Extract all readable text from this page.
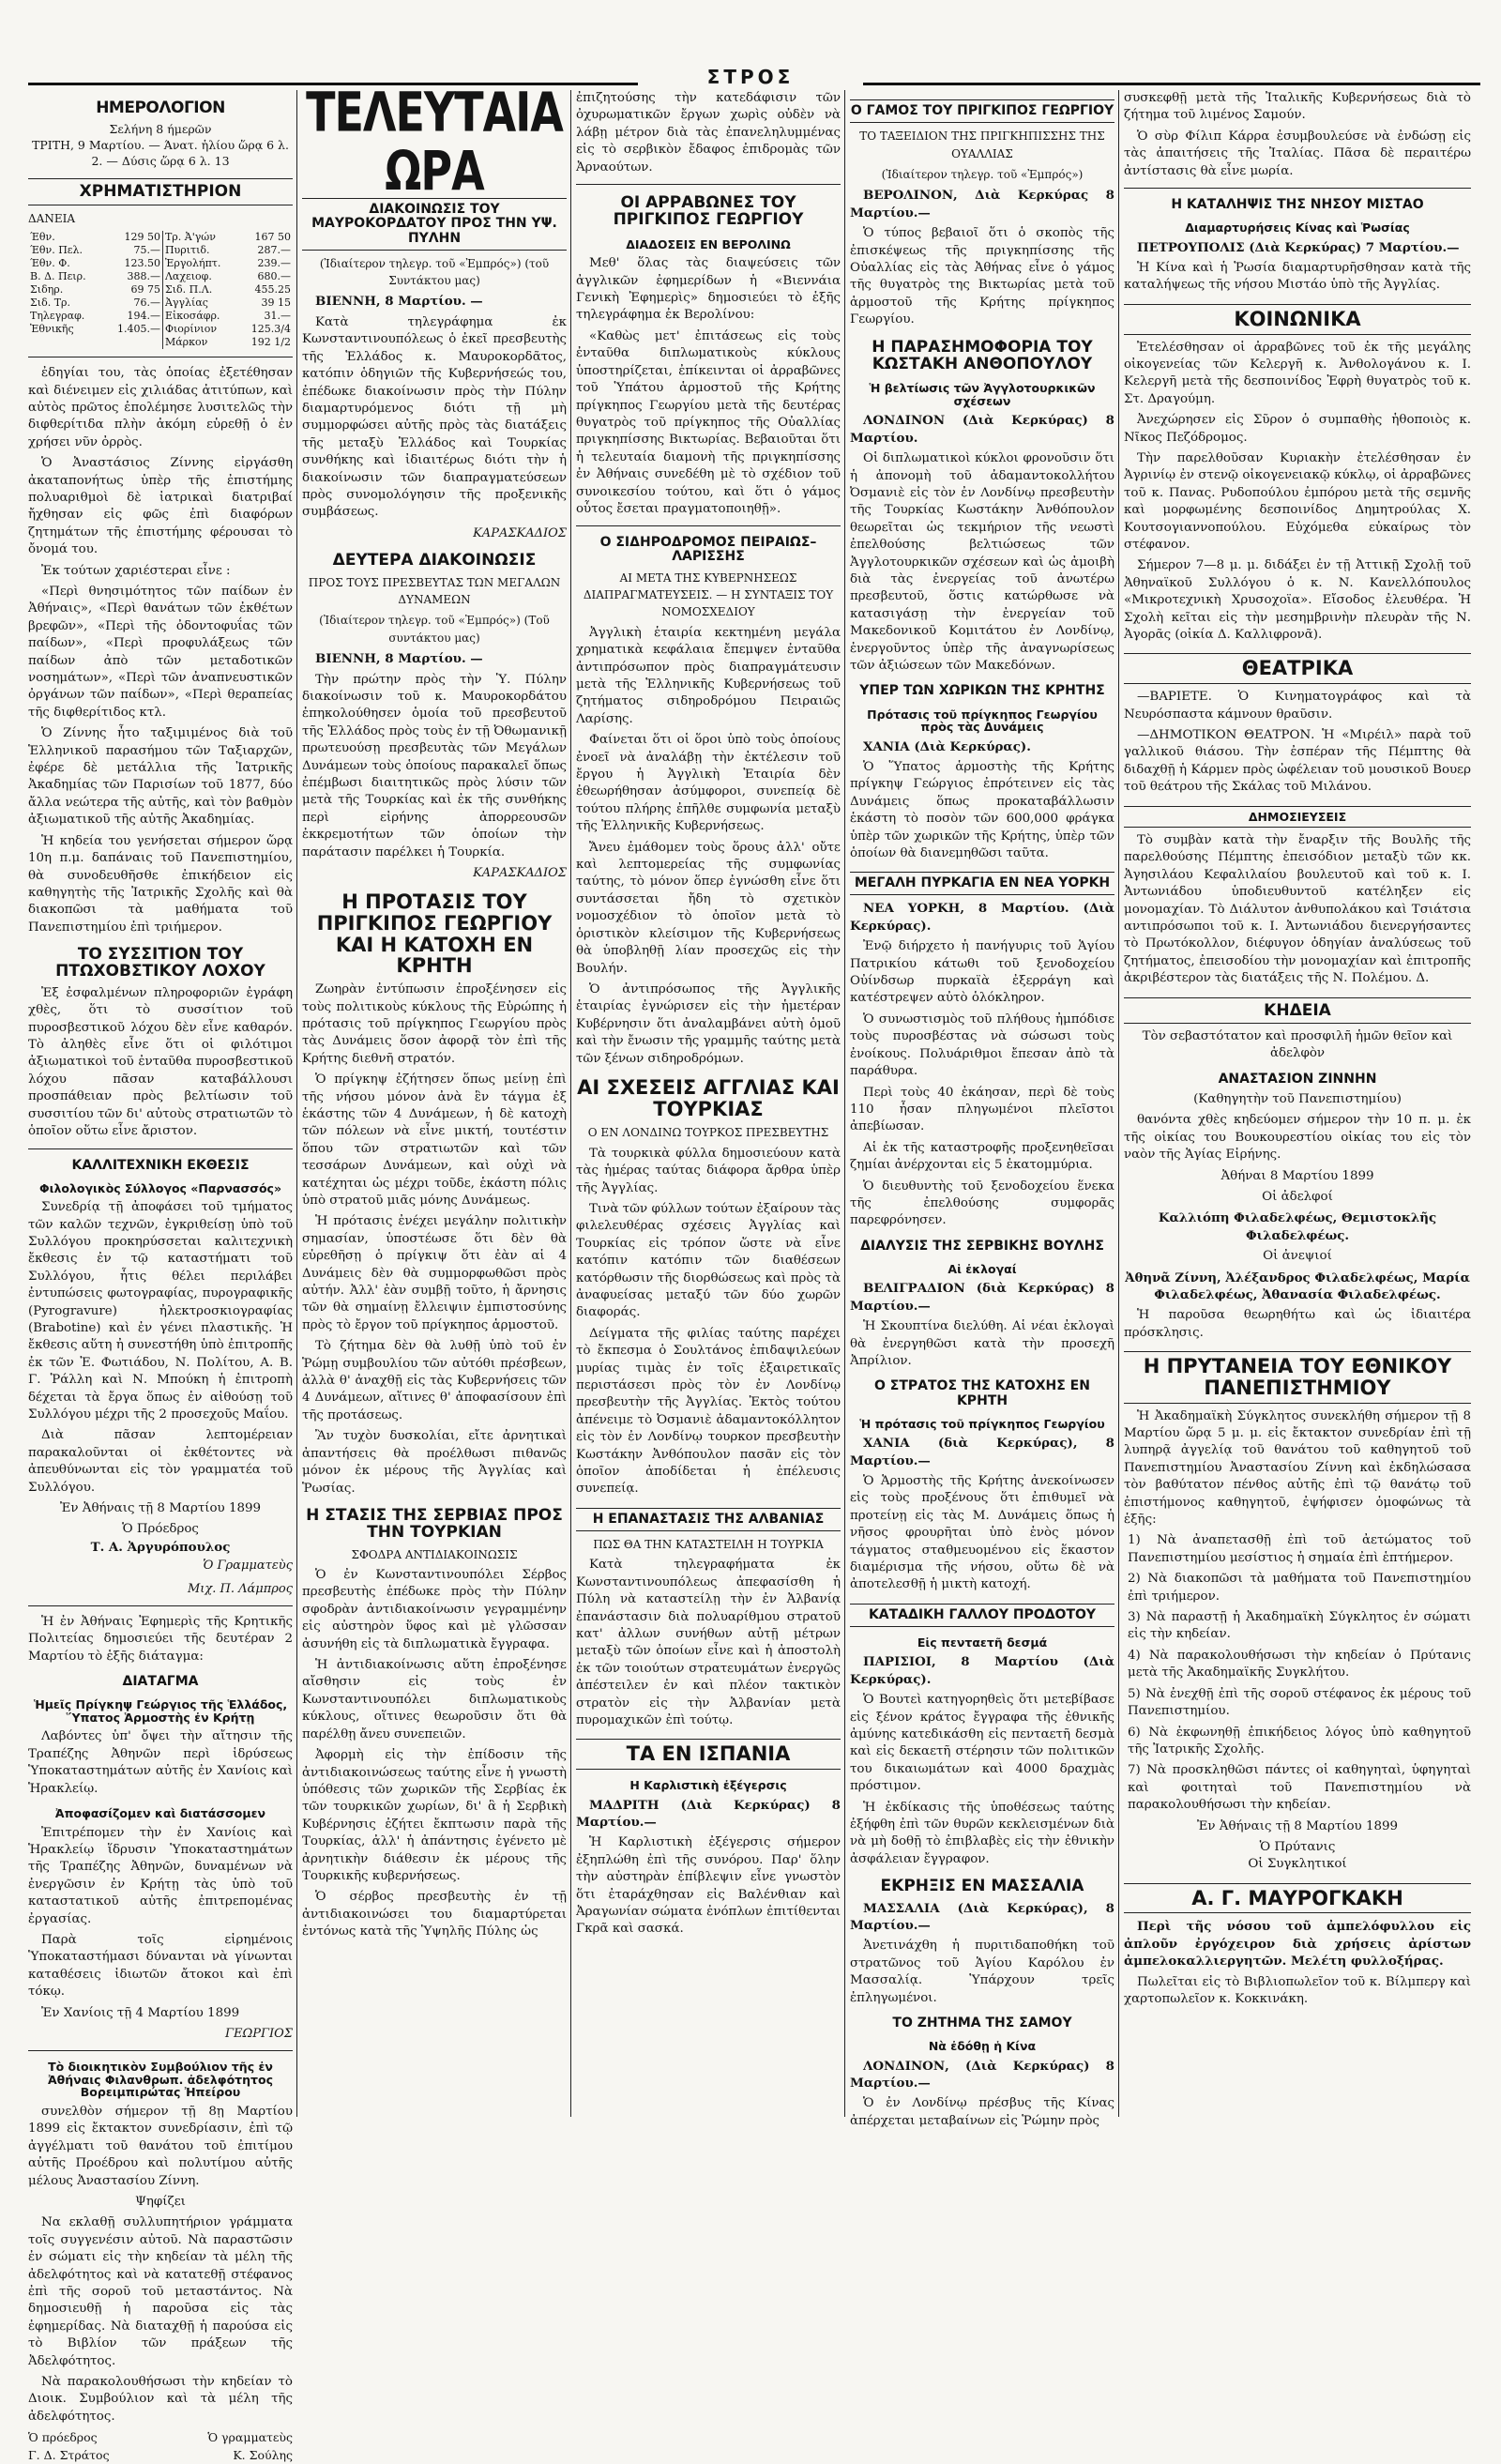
ΣΤΡΟΣ
ΗΜΕΡΟΛΟΓΙΟΝ
Σελήνη 8 ήμερῶν
ΤΡΙΤΗ, 9 Μαρτίου. — Άνατ. ἡλίου ὥρᾳ 6 λ. 2. — Δύσις ὥρᾳ 6 λ. 13
ΧΡΗΜΑΤΙΣΤΗΡΙΟΝ
ΔΑΝΕΙΑ
Έθν.	129 50	Τρ. Ἀ'γών	167 50
Έθν. Πελ.	75.—	Πυριτιδ.	287.—
Έθν. Φ.	123.50	Ἐργολήπτ.	239.—
Β. Δ. Πειρ.	388.—	Λαχειοφ.	680.—
Σιδηρ.	69 75	Σιδ. Π.Λ.	455.25
Σιδ. Τρ.	76.—	Ἀγγλίας	39 15
Τηλεγραφ.	194.—	Εἰκοσάφρ.	31.—
Ἐθνικῆς	1.405.—	Φιορίνιον	125.3/4
		Μάρκον	192 1/2

ἐδηγίαι του, τὰς ὁποίας ἐξετέθησαν καὶ διένειμεν εἰς χιλιάδας ἀτιτύπων, καὶ αὐτὸς πρῶτος ἐπολέμησε λυσιτελῶς τὴν διφθερίτιδα πλὴν ἀκόμη εὑρεθῇ ὁ ἐν χρήσει νῦν ὀρρὸς.

Ὁ Ἀναστάσιος Ζίννης εἰργάσθη ἀκαταπονήτως ὑπὲρ τῆς ἐπιστήμης πολυαριθμοὶ δὲ ἰατρικαὶ διατριβαί ἤχθησαν εἰς φῶς ἐπὶ διαφόρων ζητημάτων τῆς ἐπιστήμης φέρουσαι τὸ ὄνομά του.

Ἐκ τούτων χαριέστεραι εἶνε :

«Περὶ θνησιμότητος τῶν παίδων ἐν Ἀθήναις», «Περὶ θανάτων τῶν ἐκθέτων βρεφῶν», «Περὶ τῆς ὀδοντοφυΐας τῶν παίδων», «Περὶ προφυλάξεως τῶν παίδων ἀπὸ τῶν μεταδοτικῶν νοσημάτων», «Περὶ τῶν ἀναπνευστικῶν ὀργάνων τῶν παίδων», «Περὶ θεραπείας τῆς διφθερίτιδος κτλ.

Ὁ Ζίννης ἦτο ταξιμιμένος διὰ τοῦ Ἑλληνικοῦ παρασήμου τῶν Ταξιαρχῶν, ἐφέρε δὲ μετάλλια τῆς Ἰατρικῆς Ἀκαδημίας τῶν Παρισίων τοῦ 1877, δύο ἄλλα νεώτερα τῆς αὐτῆς, καὶ τὸν βαθμὸν ἀξιωματικοῦ τῆς αὐτῆς Ἀκαδημίας.

Ἡ κηδεία του γενήσεται σήμερον ὥρᾳ 10η π.μ. δαπάναις τοῦ Πανεπιστημίου, θὰ συνοδευθῆσθε ἐπικήδειον εἰς καθηγητὴς τῆς Ἰατρικῆς Σχολῆς καὶ θὰ διακοπῶσι τὰ μαθήματα τοῦ Πανεπιστημίου ἐπὶ τριήμερον.

ΤΟ ΣΥΣΣΙΤΙΟΝ ΤΟΥ ΠΤΩΧΟΒΣΤΙΚΟΥ ΛΟΧΟΥ

Ἐξ ἐσφαλμένων πληροφοριῶν ἐγράφη χθὲς, ὅτι τὸ συσσίτιον τοῦ πυροσβεστικοῦ λόχου δὲν εἶνε καθαρόν. Τὸ ἀληθὲς εἶνε ὅτι οἱ φιλότιμοι ἀξιωματικοὶ τοῦ ἐνταῦθα πυροσβεστικοῦ λόχου πᾶσαν καταβάλλουσι προσπάθειαν πρὸς βελτίωσιν τοῦ συσσιτίου τῶν δι' αὐτοὺς στρατιωτῶν τὸ ὁποῖον οὕτω εἶνε ἄριστον.

ΚΑΛΛΙΤΕΧΝΙΚΗ ΕΚΘΕΣΙΣ
Φιλολογικὸς Σύλλογος «Παρνασσός»

Συνεδρίᾳ τῇ ἀποφάσει τοῦ τμήματος τῶν καλῶν τεχνῶν, ἐγκριθείσῃ ὑπὸ τοῦ Συλλόγου προκηρύσσεται καλιτεχνικὴ ἔκθεσις ἐν τῷ καταστήματι τοῦ Συλλόγου, ἧτις θέλει περιλάβει ἐντυπώσεις φωτογραφίας, πυρογραφικῆς (Pyrogravure) ἠλεκτροσκιογραφίας (Brabotine) καὶ ἐν γένει πλαστικῆς. Ἡ ἔκθεσις αὕτη ἠ συνεστήθη ὑπὸ ἐπιτροπῆς ἐκ τῶν Ἐ. Φωτιάδου, Ν. Πολίτου, Α. Β. Γ. Ῥάλλη καὶ Ν. Μπούκη ἡ ἐπιτροπὴ δέχεται τὰ ἔργα ὅπως ἐν αἰθούσῃ τοῦ Συλλόγου μέχρι τῆς 2 προσεχοῦς Μαΐου.

Διὰ πᾶσαν λεπτομέρειαν παρακαλοῦνται οἱ ἐκθέτοντες νὰ ἀπευθύνωνται εἰς τὸν γραμματέα τοῦ Συλλόγου.

Ἐν Ἀθήναις τῇ 8 Μαρτίου 1899

Ὁ Πρόεδρος
Τ. Α. Ἀργυρόπουλος
Ὁ Γραμματεὺς
Μιχ. Π. Λάμπρος

Ἡ ἐν Ἀθήναις Ἐφημερὶς τῆς Κρητικῆς Πολιτείας δημοσιεύει τῆς δευτέραν 2 Μαρτίου τὸ ἑξῆς διάταγμα:

ΔΙΑΤΑΓΜΑ
Ἡμεῖς Πρίγκηψ Γεώργιος τῆς Ἑλλάδος, Ὕπατος Ἁρμοστὴς ἐν Κρήτῃ

Λαβόντες ὑπ' ὄψει τὴν αἴτησιν τῆς Τραπέζης Ἀθηνῶν περὶ ἱδρύσεως Ὑποκαταστημάτων αὐτῆς ἐν Χανίοις καὶ Ἡρακλείῳ.

Ἀποφασίζομεν καὶ διατάσσομεν

Ἐπιτρέπομεν τὴν ἐν Χανίοις καὶ Ἡρακλείῳ ἵδρυσιν Ὑποκαταστημάτων τῆς Τραπέζης Ἀθηνῶν, δυναμένων νὰ ἐνεργῶσιν ἐν Κρήτῃ τὰς ὑπὸ τοῦ καταστατικοῦ αὐτῆς ἐπιτρεπομένας ἐργασίας.

Παρὰ τοῖς εἰρημένοις Ὑποκαταστήμασι δύνανται νὰ γίνωνται καταθέσεις ἰδιωτῶν ἄτοκοι καὶ ἐπὶ τόκῳ.

Ἐν Χανίοις τῇ 4 Μαρτίου 1899

ΓΕΩΡΓΙΟΣ
Τὸ διοικητικὸν Συμβούλιον τῆς ἐν Ἀθήναις Φιλανθρωπ. ἀδελφότητος Βορειμπιρώτας Ἠπείρου

συνελθὸν σήμερον τῇ 8ῃ Μαρτίου 1899 εἰς ἔκτακτον συνεδρίασιν, ἐπὶ τῷ ἀγγέλματι τοῦ θανάτου τοῦ ἐπιτίμου αὐτῆς Προέδρου καὶ πολυτίμου αὐτῆς μέλους Ἀναστασίου Ζίννη.

Ψηφίζει

Να εκλαθῇ συλλυπητήριον γράμματα τοῖς συγγενέσιν αὐτοῦ. Νὰ παραστῶσιν ἐν σώματι εἰς τὴν κηδείαν τὰ μέλη τῆς ἀδελφότητος καὶ νὰ κατατεθῇ στέφανος ἐπὶ τῆς σοροῦ τοῦ μεταστάντος. Νὰ δημοσιευθῇ ἡ παροῦσα εἰς τὰς ἐφημερίδας. Νὰ διαταχθῇ ἡ παρούσα εἰς τὸ Βιβλίον τῶν πράξεων τῆς Ἀδελφότητος.

Νὰ παρακολουθήσωσι τὴν κηδείαν τὸ Διοικ. Συμβούλιον καὶ τὰ μέλη τῆς ἀδελφότητος.

Ὁ πρόεδρος	Ὁ γραμματεὺς
Γ. Δ. Στράτος	Κ. Σούλης
ΤΕΛΕΥΤΑΙΑ ΩΡΑ
ΔΙΑΚΟΙΝΩΣΙΣ ΤΟΥ ΜΑΥΡΟΚΟΡΔΑΤΟΥ ΠΡΟΣ ΤΗΝ ΥΨ. ΠΥΛΗΝ
(Ἰδιαίτερον τηλεγρ. τοῦ «Ἐμπρός») (τοῦ Συντάκτου μας)

ΒΙΕΝΝΗ, 8 Μαρτίου. —

Κατὰ τηλεγράφημα ἐκ Κωνσταντινουπόλεως ὁ ἐκεῖ πρεσβευτὴς τῆς Ἑλλάδος κ. Μαυροκορδᾶτος, κατόπιν ὁδηγιῶν τῆς Κυβερνήσεώς του, ἐπέδωκε διακοίνωσιν πρὸς τὴν Πύλην διαμαρτυρόμενος διότι τῇ μὴ συμμορφώσει αὐτῆς πρὸς τὰς διατάξεις τῆς μεταξὺ Ἑλλάδος καὶ Τουρκίας συνθήκης καὶ ἰδιαιτέρως διότι τὴν ἡ διακοίνωσιν τῶν διαπραγματεύσεων πρὸς συνομολόγησιν τῆς προξενικῆς συμβάσεως.

ΚΑΡΑΣΚΑΔΙΟΣ
ΔΕΥΤΕΡΑ ΔΙΑΚΟΙΝΩΣΙΣ
ΠΡΟΣ ΤΟΥΣ ΠΡΕΣΒΕΥΤΑΣ ΤΩΝ ΜΕΓΑΛΩΝ ΔΥΝΑΜΕΩΝ
(Ἰδιαίτερον τηλεγρ. τοῦ «Ἐμπρός») (Τοῦ συντάκτου μας)

ΒΙΕΝΝΗ, 8 Μαρτίου. —

Τὴν πρώτην πρὸς τὴν Ὑ. Πύλην διακοίνωσιν τοῦ κ. Μαυροκορδάτου ἐπηκολούθησεν ὁμοία τοῦ πρεσβευτοῦ τῆς Ἑλλάδος πρὸς τοὺς ἐν τῇ Ὀθωμανικῇ πρωτευούσῃ πρεσβευτὰς τῶν Μεγάλων Δυνάμεων τοὺς ὁποίους παρακαλεῖ ὅπως ἐπέμβωσι διαιτητικῶς πρὸς λύσιν τῶν μετὰ τῆς Τουρκίας καὶ ἐκ τῆς συνθήκης περὶ εἰρήνης ἀπορρεουσῶν ἐκκρεμοτήτων τῶν ὁποίων τὴν παράτασιν παρέλκει ἡ Τουρκία.

ΚΑΡΑΣΚΑΔΙΟΣ
Η ΠΡΟΤΑΣΙΣ ΤΟΥ ΠΡΙΓΚΙΠΟΣ ΓΕΩΡΓΙΟΥ ΚΑΙ Η ΚΑΤΟΧΗ ΕΝ ΚΡΗΤΗ

Ζωηρὰν ἐντύπωσιν ἐπροξένησεν εἰς τοὺς πολιτικοὺς κύκλους τῆς Εὐρώπης ἡ πρότασις τοῦ πρίγκηπος Γεωργίου πρὸς τὰς Δυνάμεις ὅσον ἀφορᾷ τὸν ἐπὶ τῆς Κρήτης διεθνῆ στρατόν.

Ὁ πρίγκηψ ἐζήτησεν ὅπως μείνῃ ἐπὶ τῆς νήσου μόνον ἀνὰ ἓν τάγμα ἐξ ἑκάστης τῶν 4 Δυνάμεων, ἡ δὲ κατοχὴ τῶν πόλεων νὰ εἶνε μικτή, τουτέστιν ὅπου τῶν στρατιωτῶν καὶ τῶν τεσσάρων Δυνάμεων, καὶ οὐχὶ νὰ κατέχηται ὡς μέχρι τοῦδε, ἑκάστη πόλις ὑπὸ στρατοῦ μιᾶς μόνης Δυνάμεως.

Ἡ πρότασις ἐνέχει μεγάλην πολιτικὴν σημασίαν, ὑποστέωσε ὅτι δὲν θὰ εὑρεθῆσῃ ὁ πρίγκιψ ὅτι ἐὰν αἱ 4 Δυνάμεις δὲν θὰ συμμορφωθῶσι πρὸς αὐτήν. Ἀλλ' ἐὰν συμβῇ τοῦτο, ἡ ἄρνησις τῶν θὰ σημαίνῃ ἔλλειψιν ἐμπιστοσύνης πρὸς τὸ ἔργον τοῦ πρίγκηπος ἁρμοστοῦ.

Τὸ ζήτημα δὲν θὰ λυθῇ ὑπὸ τοῦ ἐν Ῥώμῃ συμβουλίου τῶν αὐτόθι πρέσβεων, ἀλλὰ θ' ἀναχθῇ εἰς τὰς Κυβερνήσεις τῶν 4 Δυνάμεων, αἵτινες θ' ἀποφασίσουν ἐπὶ τῆς προτάσεως.

Ἂν τυχὸν δυσκολίαι, εἴτε ἀρνητικαὶ ἀπαντήσεις θὰ προέλθωσι πιθανῶς μόνον ἐκ μέρους τῆς Ἀγγλίας καὶ Ῥωσίας.

Η ΣΤΑΣΙΣ ΤΗΣ ΣΕΡΒΙΑΣ ΠΡΟΣ ΤΗΝ ΤΟΥΡΚΙΑΝ
ΣΦΟΔΡΑ ΑΝΤΙΔΙΑΚΟΙΝΩΣΙΣ

Ὁ ἐν Κωνσταντινουπόλει Σέρβος πρεσβευτὴς ἐπέδωκε πρὸς τὴν Πύλην σφοδρὰν ἀντιδιακοίνωσιν γεγραμμένην εἰς αὐστηρὸν ὕφος καὶ μὲ γλῶσσαν ἀσυνήθη εἰς τὰ διπλωματικὰ ἔγγραφα.

Ἡ ἀντιδιακοίνωσις αὕτη ἐπροξένησε αἴσθησιν εἰς τοὺς ἐν Κωνσταντινουπόλει διπλωματικοὺς κύκλους, οἵτινες θεωροῦσιν ὅτι θὰ παρέλθῃ ἄνευ συνεπειῶν.

Ἀφορμὴ εἰς τὴν ἐπίδοσιν τῆς ἀντιδιακοινώσεως ταύτης εἶνε ἡ γνωστὴ ὑπόθεσις τῶν χωρικῶν τῆς Σερβίας ἐκ τῶν τουρκικῶν χωρίων, δι' ἃ ἡ Σερβικὴ Κυβέρνησις ἐζήτει ἔκπτωσιν παρὰ τῆς Τουρκίας, ἀλλ' ἡ ἀπάντησις ἐγένετο μὲ ἀρνητικὴν διάθεσιν ἐκ μέρους τῆς Τουρκικῆς κυβερνήσεως.

Ὁ σέρβος πρεσβευτὴς ἐν τῇ ἀντιδιακοινώσει του διαμαρτύρεται ἐντόνως κατὰ τῆς Ὑψηλῆς Πύλης ὡς

ἐπιζητούσης τὴν κατεδάφισιν τῶν ὀχυρωματικῶν ἔργων χωρὶς οὐδὲν νὰ λάβῃ μέτρον διὰ τὰς ἐπανεληλυμμένας εἰς τὸ σερβικὸν ἔδαφος ἐπιδρομὰς τῶν Ἀρναούτων.

ΟΙ ΑΡΡΑΒΩΝΕΣ ΤΟΥ ΠΡΙΓΚΙΠΟΣ ΓΕΩΡΓΙΟΥ
ΔΙΑΔΟΣΕΙΣ ΕΝ ΒΕΡΟΛΙΝΩ

Μεθ' ὅλας τὰς διαψεύσεις τῶν ἀγγλικῶν ἐφημερίδων ἡ «Βιεννάια Γενικὴ Ἐφημερὶς» δημοσιεύει τὸ ἑξῆς τηλεγράφημα ἐκ Βερολίνου:

«Καθὼς μετ' ἐπιτάσεως εἰς τοὺς ἐνταῦθα διπλωματικοὺς κύκλους ὑποστηρίζεται, ἐπίκεινται οἱ ἀρραβῶνες τοῦ Ὑπάτου ἁρμοστοῦ τῆς Κρήτης πρίγκηπος Γεωργίου μετὰ τῆς δευτέρας θυγατρὸς τοῦ πρίγκηπος τῆς Οὐαλλίας πριγκηπίσσης Βικτωρίας. Βεβαιοῦται ὅτι ἡ τελευταία διαμονὴ τῆς πριγκηπίσσης ἐν Ἀθήναις συνεδέθη μὲ τὸ σχέδιον τοῦ συνοικεσίου τούτου, καὶ ὅτι ὁ γάμος οὗτος ἔσεται πραγματοποιηθῇ».

Ο ΣΙΔΗΡΟΔΡΟΜΟΣ ΠΕΙΡΑΙΩΣ–ΛΑΡΙΣΣΗΣ
ΑΙ ΜΕΤΑ ΤΗΣ ΚΥΒΕΡΝΗΣΕΩΣ ΔΙΑΠΡΑΓΜΑΤΕΥΣΕΙΣ. — Η ΣΥΝΤΑΞΙΣ ΤΟΥ ΝΟΜΟΣΧΕΔΙΟΥ

Ἀγγλικὴ ἑταιρία κεκτημένη μεγάλα χρηματικὰ κεφάλαια ἔπεμψεν ἐνταῦθα ἀντιπρόσωπον πρὸς διαπραγμάτευσιν μετὰ τῆς Ἑλληνικῆς Κυβερνήσεως τοῦ ζητήματος σιδηροδρόμου Πειραιῶς Λαρίσης.

Φαίνεται ὅτι οἱ ὅροι ὑπὸ τοὺς ὁποίους ἐνοεῖ νὰ ἀναλάβῃ τὴν ἐκτέλεσιν τοῦ ἔργου ἡ Ἀγγλικὴ Ἑταιρία δὲν ἐθεωρήθησαν ἀσύμφοροι, συνεπείᾳ δὲ τούτου πλήρης ἐπῆλθε συμφωνία μεταξὺ τῆς Ἑλληνικῆς Κυβερνήσεως.

Ἄνευ ἐμάθομεν τοὺς ὅρους ἀλλ' οὔτε καὶ λεπτομερείας τῆς συμφωνίας ταύτης, τὸ μόνον ὅπερ ἐγνώσθη εἶνε ὅτι συντάσσεται ἤδη τὸ σχετικὸν νομοσχέδιον τὸ ὁποῖον μετὰ τὸ ὁριστικὸν κλείσιμον τῆς Κυβερνήσεως θὰ ὑποβληθῇ λίαν προσεχῶς εἰς τὴν Βουλήν.

Ὁ ἀντιπρόσωπος τῆς Ἀγγλικῆς ἑταιρίας ἐγνώρισεν εἰς τὴν ἡμετέραν Κυβέρνησιν ὅτι ἀναλαμβάνει αὐτὴ ὁμοῦ καὶ τὴν ἔνωσιν τῆς γραμμῆς ταύτης μετὰ τῶν ξένων σιδηροδρόμων.

ΑΙ ΣΧΕΣΕΙΣ ΑΓΓΛΙΑΣ ΚΑΙ ΤΟΥΡΚΙΑΣ
Ο ΕΝ ΛΟΝΔΙΝΩ ΤΟΥΡΚΟΣ ΠΡΕΣΒΕΥΤΗΣ

Τὰ τουρκικὰ φύλλα δημοσιεύουν κατὰ τὰς ἡμέρας ταύτας διάφορα ἄρθρα ὑπὲρ τῆς Ἀγγλίας.

Τινὰ τῶν φύλλων τούτων ἐξαίρουν τὰς φιλελευθέρας σχέσεις Ἀγγλίας καὶ Τουρκίας εἰς τρόπον ὥστε νὰ εἶνε κατόπιν κατόπιν τῶν διαθέσεων κατόρθωσιν τῆς διορθώσεως καὶ πρὸς τὰ ἀναφυείσας μεταξύ τῶν δύο χωρῶν διαφοράς.

Δείγματα τῆς φιλίας ταύτης παρέχει τὸ ἔκπεσμα ὁ Σουλτάνος ἐπιδαψιλεύων μυρίας τιμὰς ἐν τοῖς ἐξαιρετικαῖς περιστάσεσι πρὸς τὸν ἐν Λονδίνῳ πρεσβευτὴν τῆς Ἀγγλίας. Ἐκτὸς τούτου ἀπένειμε τὸ Ὀσμανιὲ ἀδαμαντοκόλλητον εἰς τὸν ἐν Λονδίνῳ τουρκον πρεσβευτὴν Κωστάκην Ἀνθόπουλον πασᾶν εἰς τὸν ὁποῖον ἀποδίδεται ἡ ἐπέλευσις συνεπείᾳ.

Η ΕΠΑΝΑΣΤΑΣΙΣ ΤΗΣ ΑΛΒΑΝΙΑΣ
ΠΩΣ ΘΑ ΤΗΝ ΚΑΤΑΣΤΕΙΛΗ Η ΤΟΥΡΚΙΑ

Κατὰ τηλεγραφήματα ἐκ Κωνσταντινουπόλεως ἀπεφασίσθη ἡ Πύλη νὰ καταστείλῃ τὴν ἐν Ἀλβανίᾳ ἐπανάστασιν διὰ πολυαρίθμου στρατοῦ κατ' ἀλλων συνήθων αὐτῇ μέτρων μεταξὺ τῶν ὁποίων εἶνε καὶ ἡ ἀποστολὴ ἐκ τῶν τοιούτων στρατευμάτων ἐνεργῶς ἀπέστειλεν ἐν καὶ πλέον τακτικὸν στρατὸν εἰς τὴν Ἀλβανίαν μετὰ πυρομαχικῶν ἐπὶ τούτῳ.

ΤΑ ΕΝ ΙΣΠΑΝΙΑ
Η Καρλιστικὴ ἐξέγερσις

ΜΑΔΡΙΤΗ (Διὰ Κερκύρας) 8 Μαρτίου.—

Ἡ Καρλιστικὴ ἐξέγερσις σήμερον ἐξηπλώθη ἐπὶ τῆς συνόρου. Παρ' ὅλην τὴν αὐστηρὰν ἐπίβλεψιν εἶνε γνωστὸν ὅτι ἐταράχθησαν εἰς Βαλένθιαν καὶ Ἀραγωνίαν σώματα ἐνόπλων ἐπιτίθενται Γκρᾶ καὶ σασκά.

Ο ΓΑΜΟΣ ΤΟΥ ΠΡΙΓΚΙΠΟΣ ΓΕΩΡΓΙΟΥ
ΤΟ ΤΑΞΕΙΔΙΟΝ ΤΗΣ ΠΡΙΓΚΗΠΙΣΣΗΣ ΤΗΣ ΟΥΑΛΛΙΑΣ
(Ἰδιαίτερον τηλεγρ. τοῦ «Ἐμπρός»)

ΒΕΡΟΛΙΝΟΝ, Διὰ Κερκύρας 8 Μαρτίου.—

Ὁ τύπος βεβαιοῖ ὅτι ὁ σκοπὸς τῆς ἐπισκέψεως τῆς πριγκηπίσσης τῆς Οὐαλλίας εἰς τὰς Ἀθήνας εἶνε ὁ γάμος τῆς θυγατρὸς της Βικτωρίας μετὰ τοῦ ἁρμοστοῦ τῆς Κρήτης πρίγκηπος Γεωργίου.

Η ΠΑΡΑΣΗΜΟΦΟΡΙΑ ΤΟΥ ΚΩΣΤΑΚΗ ΑΝΘΟΠΟΥΛΟΥ
Ἡ βελτίωσις τῶν Ἀγγλοτουρκικῶν σχέσεων

ΛΟΝΔΙΝΟΝ (Διὰ Κερκύρας) 8 Μαρτίου.

Οἱ διπλωματικοὶ κύκλοι φρονοῦσιν ὅτι ἡ ἀπονομὴ τοῦ ἀδαμαντοκολλήτου Ὀσμανιὲ εἰς τὸν ἐν Λονδίνῳ πρεσβευτὴν τῆς Τουρκίας Κωστάκην Ἀνθόπουλον θεωρεῖται ὡς τεκμήριον τῆς νεωστὶ ἐπελθούσης βελτιώσεως τῶν Ἀγγλοτουρκικῶν σχέσεων καὶ ὡς ἀμοιβὴ διὰ τὰς ἐνεργείας τοῦ ἀνωτέρω πρεσβευτοῦ, ὅστις κατώρθωσε νὰ κατασιγάσῃ τὴν ἐνεργείαν τοῦ Μακεδονικοῦ Κομιτάτου ἐν Λονδίνῳ, ἐνεργοῦντος ὑπὲρ τῆς ἀναγνωρίσεως τῶν ἀξιώσεων τῶν Μακεδόνων.

ΥΠΕΡ ΤΩΝ ΧΩΡΙΚΩΝ ΤΗΣ ΚΡΗΤΗΣ
Πρότασις τοῦ πρίγκηπος Γεωργίου πρὸς τὰς Δυνάμεις

ΧΑΝΙΑ (Διὰ Κερκύρας).

Ὁ Ὕπατος ἁρμοστὴς τῆς Κρήτης πρίγκηψ Γεώργιος ἐπρότεινεν εἰς τὰς Δυνάμεις ὅπως προκαταβάλλωσιν ἑκάστη τὸ ποσὸν τῶν 600,000 φράγκα ὑπὲρ τῶν χωρικῶν τῆς Κρήτης, ὑπὲρ τῶν ὁποίων θὰ διανεμηθῶσι ταῦτα.

ΜΕΓΑΛΗ ΠΥΡΚΑΓΙΑ ΕΝ ΝΕΑ ΥΟΡΚΗ

ΝΕΑ ΥΟΡΚΗ, 8 Μαρτίου. (Διὰ Κερκύρας).

Ἐνῷ διήρχετο ἡ πανήγυρις τοῦ Ἁγίου Πατρικίου κάτωθι τοῦ ξενοδοχείου Οὐίνδσωρ πυρκαϊὰ ἐξερράγη καὶ κατέστρεψεν αὐτὸ ὁλόκληρον.

Ὁ συνωστισμὸς τοῦ πλήθους ἠμπόδισε τοὺς πυροσβέστας νὰ σώσωσι τοὺς ἐνοίκους. Πολυάριθμοι ἔπεσαν ἀπὸ τὰ παράθυρα.

Περὶ τοὺς 40 ἐκάησαν, περὶ δὲ τοὺς 110 ἦσαν πληγωμένοι πλεῖστοι ἀπεβίωσαν.

Αἱ ἐκ τῆς καταστροφῆς προξενηθεῖσαι ζημίαι ἀνέρχονται εἰς 5 ἑκατομμύρια.

Ὁ διευθυντὴς τοῦ ξενοδοχείου ἕνεκα τῆς ἐπελθούσης συμφορᾶς παρεφρόνησεν.

ΔΙΑΛΥΣΙΣ ΤΗΣ ΣΕΡΒΙΚΗΣ ΒΟΥΛΗΣ
Αἱ ἐκλογαί

ΒΕΛΙΓΡΑΔΙΟΝ (διὰ Κερκύρας) 8 Μαρτίου.—

Ἡ Σκουπτίνα διελύθη. Αἱ νέαι ἐκλογαὶ θὰ ἐνεργηθῶσι κατὰ τὴν προσεχῆ Ἀπρίλιον.

Ο ΣΤΡΑΤΟΣ ΤΗΣ ΚΑΤΟΧΗΣ ΕΝ ΚΡΗΤΗ
Ἡ πρότασις τοῦ πρίγκηπος Γεωργίου

ΧΑΝΙΑ (διὰ Κερκύρας), 8 Μαρτίου.—

Ὁ Ἁρμοστὴς τῆς Κρήτης ἀνεκοίνωσεν εἰς τοὺς προξένους ὅτι ἐπιθυμεῖ νὰ προτείνῃ εἰς τὰς Μ. Δυνάμεις ὅπως ἡ νῆσος φρουρῆται ὑπὸ ἑνὸς μόνον τάγματος σταθμευομένου εἰς ἕκαστον διαμέρισμα τῆς νήσου, οὕτω δὲ νὰ ἀποτελεσθῇ ἡ μικτὴ κατοχή.

ΚΑΤΑΔΙΚΗ ΓΑΛΛΟΥ ΠΡΟΔΟΤΟΥ
Εἰς πενταετῆ δεσμά

ΠΑΡΙΣΙΟΙ, 8 Μαρτίου (Διὰ Κερκύρας).

Ὁ Βουτεὶ κατηγορηθεὶς ὅτι μετεβίβασε εἰς ξένον κράτος ἔγγραφα τῆς ἐθνικῆς ἀμύνης κατεδικάσθη εἰς πενταετῆ δεσμὰ καὶ εἰς δεκαετῆ στέρησιν τῶν πολιτικῶν του δικαιωμάτων καὶ 4000 δραχμὰς πρόστιμον.

Ἡ ἐκδίκασις τῆς ὑποθέσεως ταύτης ἐξήφθη ἐπὶ τῶν θυρῶν κεκλεισμένων διὰ νὰ μὴ δοθῇ τὸ ἐπιβλαβὲς εἰς τὴν ἐθνικὴν ἀσφάλειαν ἔγγραφον.

ΕΚΡΗΞΙΣ ΕΝ ΜΑΣΣΑΛΙΑ

ΜΑΣΣΑΛΙΑ (Διὰ Κερκύρας), 8 Μαρτίου.—

Ἀνετινάχθη ἡ πυριτιδαποθήκη τοῦ στρατῶνος τοῦ Ἁγίου Καρόλου ἐν Μασσαλίᾳ. Ὑπάρχουν τρεῖς ἐπληγωμένοι.

ΤΟ ΖΗΤΗΜΑ ΤΗΣ ΣΑΜΟΥ
Νὰ ἐδόθῃ ἡ Κίνα

ΛΟΝΔΙΝΟΝ, (Διὰ Κερκύρας) 8 Μαρτίου.—

Ὁ ἐν Λονδίνῳ πρέσβυς τῆς Κίνας ἀπέρχεται μεταβαίνων εἰς Ῥώμην πρὸς

συσκεφθῇ μετὰ τῆς Ἰταλικῆς Κυβερνήσεως διὰ τὸ ζήτημα τοῦ λιμένος Σαμούν.

Ὁ σὺρ Φίλιπ Κάρρα ἐσυμβουλεύσε νὰ ἐνδώσῃ εἰς τὰς ἀπαιτήσεις τῆς Ἰταλίας. Πᾶσα δὲ περαιτέρω ἀντίστασις θὰ εἶνε μωρία.

Η ΚΑΤΑΛΗΨΙΣ ΤΗΣ ΝΗΣΟΥ ΜΙΣΤΑΟ
Διαμαρτυρήσεις Κίνας καὶ Ῥωσίας

ΠΕΤΡΟΥΠΟΛΙΣ (Διὰ Κερκύρας) 7 Μαρτίου.—

Ἡ Κίνα καὶ ἡ Ῥωσία διαμαρτυρῆσθησαν κατὰ τῆς καταλήψεως τῆς νήσου Μιστάο ὑπὸ τῆς Ἀγγλίας.

ΚΟΙΝΩΝΙΚΑ

Ἐτελέσθησαν οἱ ἀρραβῶνες τοῦ ἐκ τῆς μεγάλης οἰκογενείας τῶν Κελεργῆ κ. Ἀνθολογάνου κ. Ι. Κελεργῆ μετὰ τῆς δεσποινίδος Ἐφρὴ θυγατρὸς τοῦ κ. Στ. Δραγούμη.

Ἀνεχώρησεν εἰς Σῦρον ὁ συμπαθὴς ἡθοποιὸς κ. Νῖκος Πεζόδρομος.

Τὴν παρελθοῦσαν Κυριακὴν ἐτελέσθησαν ἐν Ἀγρινίῳ ἐν στενῷ οἰκογενειακῷ κύκλῳ, οἱ ἀρραβῶνες τοῦ κ. Πανας. Ρυδοπούλου ἐμπόρου μετὰ τῆς σεμνῆς καὶ μορφωμένης δεσποινίδος Δημητρούλας Χ. Κουτσογιαννοπούλου. Εὐχόμεθα εὐκαίρως τὸν στέφανον.

Σήμερον 7—8 μ. μ. διδάξει ἐν τῇ Ἀττικῇ Σχολῇ τοῦ Ἀθηναϊκοῦ Συλλόγου ὁ κ. Ν. Κανελλόπουλος «Μικροτεχνικὴ Χρυσοχοϊα». Εἴσοδος ἐλευθέρα. Ἡ Σχολὴ κεῖται εἰς τὴν μεσημβρινὴν πλευρὰν τῆς Ν. Ἀγορᾶς (οἰκία Δ. Καλλιφρονᾶ).

ΘΕΑΤΡΙΚΑ

—ΒΑΡΙΕΤΕ. Ὁ Κινηματογράφος καὶ τὰ Νευρόσπαστα κάμνουν θραῦσιν.

—ΔΗΜΟΤΙΚΟΝ ΘΕΑΤΡΟΝ. Ἡ «Μιρέιλ» παρὰ τοῦ γαλλικοῦ θιάσου. Τὴν ἐσπέραν τῆς Πέμπτης θὰ διδαχθῇ ἡ Κάρμεν πρὸς ὠφέλειαν τοῦ μουσικοῦ Βουερ τοῦ θεάτρου τῆς Σκάλας τοῦ Μιλάνου.

ΔΗΜΟΣΙΕΥΣΕΙΣ

Τὸ συμβὰν κατὰ τὴν ἔναρξιν τῆς Βουλῆς τῆς παρελθούσης Πέμπτης ἐπεισόδιον μεταξὺ τῶν κκ. Ἀγησιλάου Κεφαλιλαίου βουλευτοῦ καὶ τοῦ κ. Ι. Ἀντωνιάδου ὑποδιευθυντοῦ κατέληξεν εἰς μονομαχίαν. Τὸ Διάλυτον ἀνθυπολάκου καὶ Τσιάτσια αντιπρόσωποι τοῦ κ. Ι. Ἀντωνιάδου διενεργήσαντες τὸ Πρωτόκολλον, διέφυγον ὁδηγίαν ἀναλύσεως τοῦ ζητήματος, ἐπεισοδίου τὴν μονομαχίαν καὶ ἐπιτροπῆς ἀκριβέστερον τὰς διατάξεις τῆς Ν. Πολέμου. Δ.

ΚΗΔΕΙΑ

Τὸν σεβαστότατον καὶ προσφιλῆ ἡμῶν θεῖον καὶ ἀδελφὸν

ΑΝΑΣΤΑΣΙΟΝ ΖΙΝΝΗΝ

(Καθηγητὴν τοῦ Πανεπιστημίου)

θανόντα χθὲς κηδεύομεν σήμερον τὴν 10 π. μ. ἐκ τῆς οἰκίας του Βουκουρεστίου οἰκίας του εἰς τὸν ναὸν τῆς Ἁγίας Εἰρήνης.

Ἀθήναι 8 Μαρτίου 1899

Οἱ ἀδελφοί

Καλλιόπη Φιλαδελφέως, Θεμιστοκλῆς Φιλαδελφέως.

Οἱ ἀνεψιοί

Ἀθηνᾶ Ζίννη, Ἀλέξανδρος Φιλαδελφέως, Μαρία Φιλαδελφέως, Ἀθανασία Φιλαδελφέως.

Ἡ παροῦσα θεωρηθήτω καὶ ὡς ἰδιαιτέρα πρόσκλησις.

Η ΠΡΥΤΑΝΕΙΑ ΤΟΥ ΕΘΝΙΚΟΥ ΠΑΝΕΠΙΣΤΗΜΙΟΥ

Ἡ Ἀκαδημαϊκὴ Σύγκλητος συνεκλήθη σήμερον τῇ 8 Μαρτίου ὥρᾳ 5 μ. μ. εἰς ἔκτακτον συνεδρίαν ἐπὶ τῇ λυπηρᾷ ἀγγελίᾳ τοῦ θανάτου τοῦ καθηγητοῦ τοῦ Πανεπιστημίου Ἀναστασίου Ζίννη καὶ ἐκδηλώσασα τὸν βαθύτατον πένθος αὐτῆς ἐπὶ τῷ θανάτῳ τοῦ ἐπιστήμονος καθηγητοῦ, ἐψήφισεν ὁμοφώνως τὰ ἑξῆς:

1) Νὰ ἀναπετασθῇ ἐπὶ τοῦ ἀετώματος τοῦ Πανεπιστημίου μεσίστιος ἡ σημαία ἐπὶ ἑπτήμερον.

2) Νὰ διακοπῶσι τὰ μαθήματα τοῦ Πανεπιστημίου ἐπὶ τριήμερον.

3) Νὰ παραστῇ ἡ Ἀκαδημαϊκὴ Σύγκλητος ἐν σώματι εἰς τὴν κηδείαν.

4) Νὰ παρακολουθήσωσι τὴν κηδείαν ὁ Πρύτανις μετὰ τῆς Ἀκαδημαϊκῆς Συγκλήτου.

5) Νὰ ἐνεχθῇ ἐπὶ τῆς σοροῦ στέφανος ἐκ μέρους τοῦ Πανεπιστημίου.

6) Νὰ ἐκφωνηθῇ ἐπικήδειος λόγος ὑπὸ καθηγητοῦ τῆς Ἰατρικῆς Σχολῆς.

7) Νὰ προσκληθῶσι πάντες οἱ καθηγηταὶ, ὑφηγηταὶ καὶ φοιτηταὶ τοῦ Πανεπιστημίου νὰ παρακολουθήσωσι τὴν κηδείαν.

Ἐν Ἀθήναις τῇ 8 Μαρτίου 1899

Ὁ Πρύτανις
Οἱ Συγκλητικοί
Α. Γ. ΜΑΥΡΟΓΚΑΚΗ

Περὶ τῆς νόσου τοῦ ἀμπελόφυλλου εἰς ἀπλοῦν ἐργόχειρον διὰ χρήσεις ἀρίστων ἀμπελοκαλλιεργητῶν. Μελέτη φυλλοξήρας.

Πωλεῖται εἰς τὸ Βιβλιοπωλεῖον τοῦ κ. Βίλμπεργ καὶ χαρτοπωλεῖον κ. Κοκκινάκη.
